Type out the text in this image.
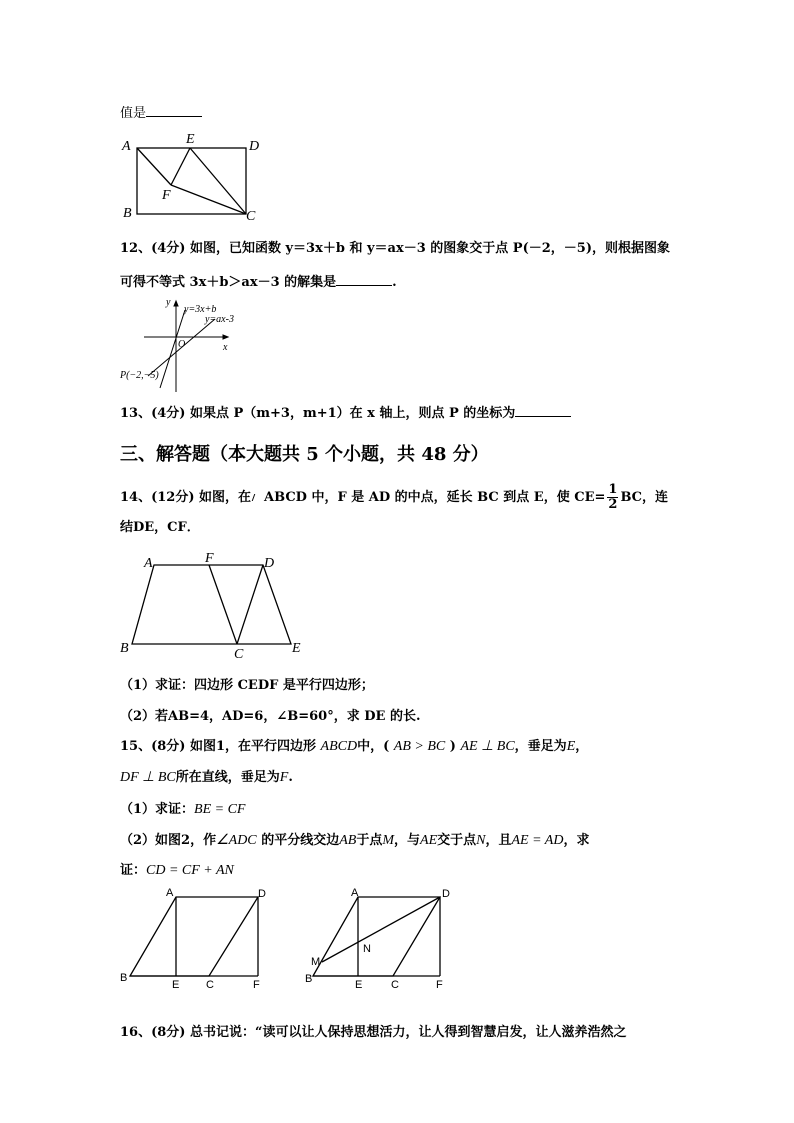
值是
A	E	D
F
B	C
12、(4分) 如图，已知函数 y＝3x＋b 和 y＝ax－3 的图象交于点 P(－2，－5)，则根据图象
可得不等式 3x＋b＞ax－3 的解集是	.
y
y=3x+b
y=ax-3
O	x
P(−2,−5)
13、(4分) 如果点 P（m+3，m+1）在 x 轴上，则点 P 的坐标为
三、解答题（本大题共 5 个小题，共 48 分）
14、(12分) 如图，在 ABCD 中，F 是 AD 的中点，延长 BC 到点 E，使 $CE= \frac{1}{2}$ BC，连
结DE，CF．
A	F	D
B	C	E
（1）求证：四边形 CEDF 是平行四边形；
（2）若AB=4，AD=6，∠B=60°，求 DE 的长.
15、(8分) 如图1，在平行四边形 ABCD中，( AB > BC ) AE ⊥ BC，垂足为E，
DF ⊥ BC所在直线，垂足为F.
（1）求证：BE = CF
（2）如图2，作∠ADC 的平分线交边AB于点M，与AE交于点N，且AE = AD，求
证：CD = CF + AN
A	D
B
E C	F
A	D
M
N
B	E	C	F
16、(8分) 总书记说：“读可以让人保持思想活力，让人得到智慧启发，让人滋养浩然之
